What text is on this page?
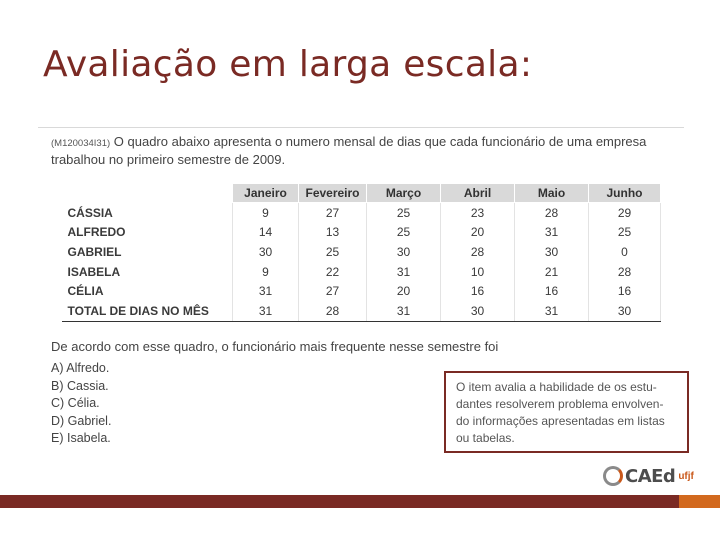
Avaliação em larga escala:
(M120034I31) O quadro abaixo apresenta o numero mensal de dias que cada funcionário de uma empresa trabalhou no primeiro semestre de 2009.
	Janeiro	Fevereiro	Março	Abril	Maio	Junho
CÁSSIA	9	27	25	23	28	29
ALFREDO	14	13	25	20	31	25
GABRIEL	30	25	30	28	30	0
ISABELA	9	22	31	10	21	28
CÉLIA	31	27	20	16	16	16
TOTAL DE DIAS NO MÊS	31	28	31	30	31	30
De acordo com esse quadro, o funcionário mais frequente nesse semestre foi
A) Alfredo.
B) Cassia.
C) Célia.
D) Gabriel.
E) Isabela.
O item avalia a habilidade de os estu-
dantes resolverem problema envolven-
do informações apresentadas em listas
ou tabelas.
CAEd ufjf
